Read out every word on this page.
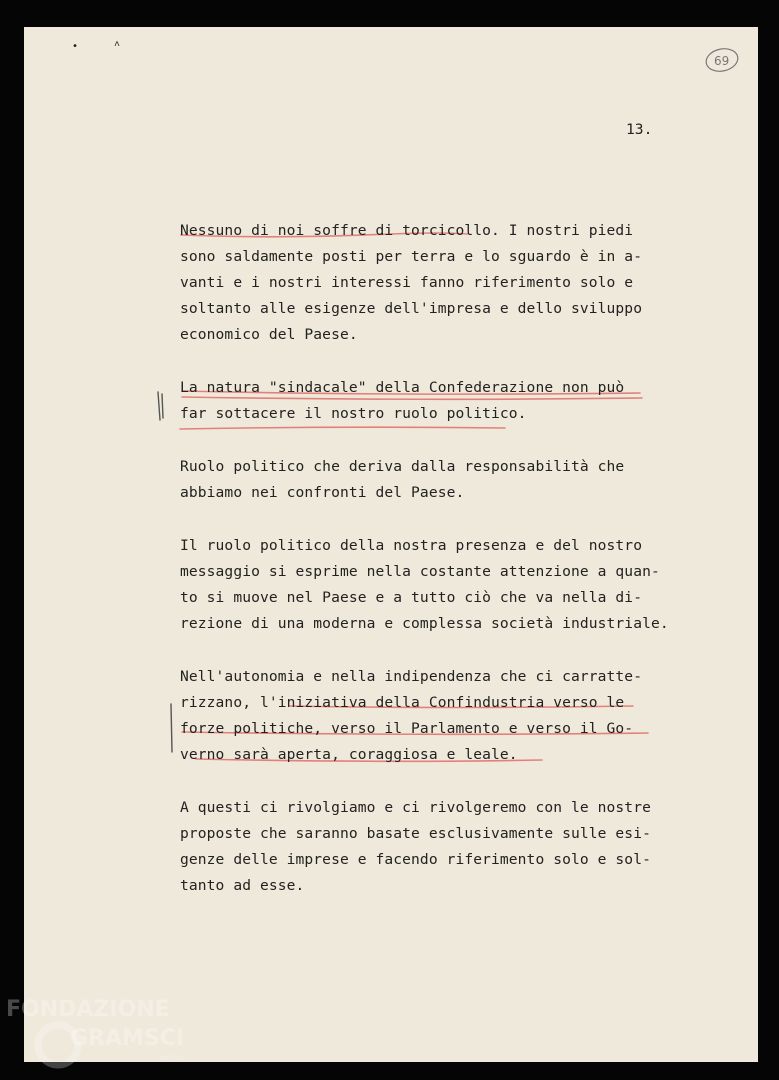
•	˄
13.
69
Nessuno di noi soffre di torcicollo. I nostri piedi
sono saldamente posti per terra e lo sguardo è in a-
vanti e i nostri interessi fanno riferimento solo e
soltanto alle esigenze dell'impresa e dello sviluppo
economico del Paese.
La natura "sindacale" della Confederazione non può
far sottacere il nostro ruolo politico.
Ruolo politico che deriva dalla responsabilità che
abbiamo nei confronti del Paese.
Il ruolo politico della nostra presenza e del nostro
messaggio si esprime nella costante attenzione a quan-
to si muove nel Paese e a tutto ciò che va nella di-
rezione di una moderna e complessa società industriale.
Nell'autonomia e nella indipendenza che ci carratte-
rizzano, l'iniziativa della Confindustria verso le
forze politiche, verso il Parlamento e verso il Go-
verno sarà aperta, coraggiosa e leale.
A questi ci rivolgiamo e ci rivolgeremo con le nostre
proposte che saranno basate esclusivamente sulle esi-
genze delle imprese e facendo riferimento solo e sol-
tanto ad esse.
FONDAZIONE
GRAMSCI
onlus
